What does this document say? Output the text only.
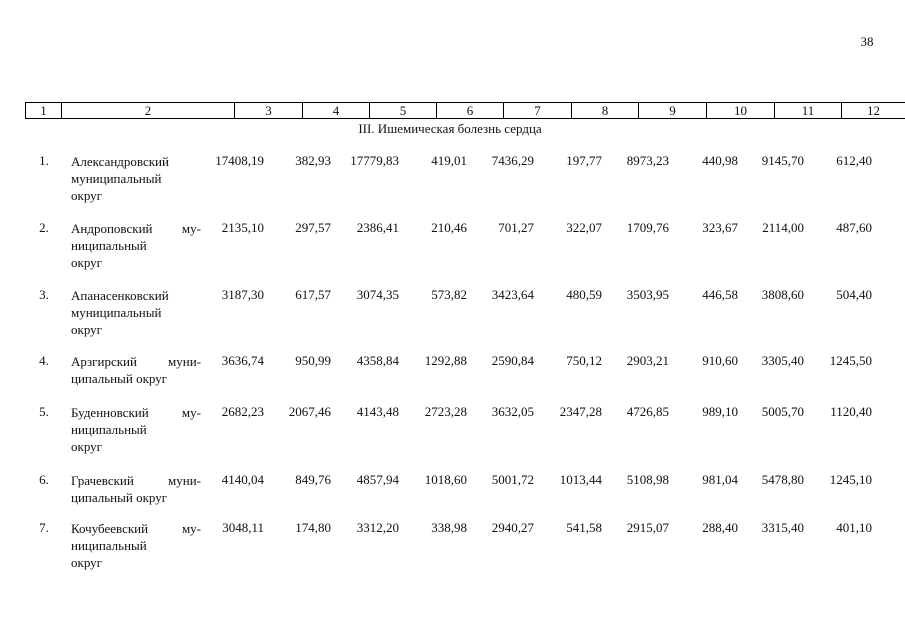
38
1	2	3	4	5	6	7	8	9	10	11	12
III. Ишемическая болезнь сердца
1.	Александровский
муниципальный
округ
17408,19 382,93 17779,83 419,01 7436,29 197,77 8973,23	440,98 9145,70 612,40
2.	Андроповский му-
ниципальный
округ
2135,10 297,57 2386,41 210,46 701,27 322,07 1709,76	323,67 2114,00 487,60
3.	Апанасенковский
муниципальный
округ
3187,30 617,57 3074,35 573,82 3423,64 480,59 3503,95	446,58 3808,60 504,40
4.	Арзгирский муни-
ципальный округ
3636,74 950,99 4358,84 1292,88 2590,84 750,12 2903,21	910,60 3305,40 1245,50
5.	Буденновский му-
ниципальный
округ
2682,23 2067,46 4143,48 2723,28 3632,05 2347,28 4726,85	989,10 5005,70 1120,40
6.	Грачевский муни-
ципальный округ
4140,04 849,76 4857,94 1018,60 5001,72 1013,44 5108,98	981,04 5478,80 1245,10
7.	Кочубеевский му-
ниципальный
округ
3048,11 174,80 3312,20 338,98 2940,27 541,58 2915,07	288,40 3315,40 401,10
